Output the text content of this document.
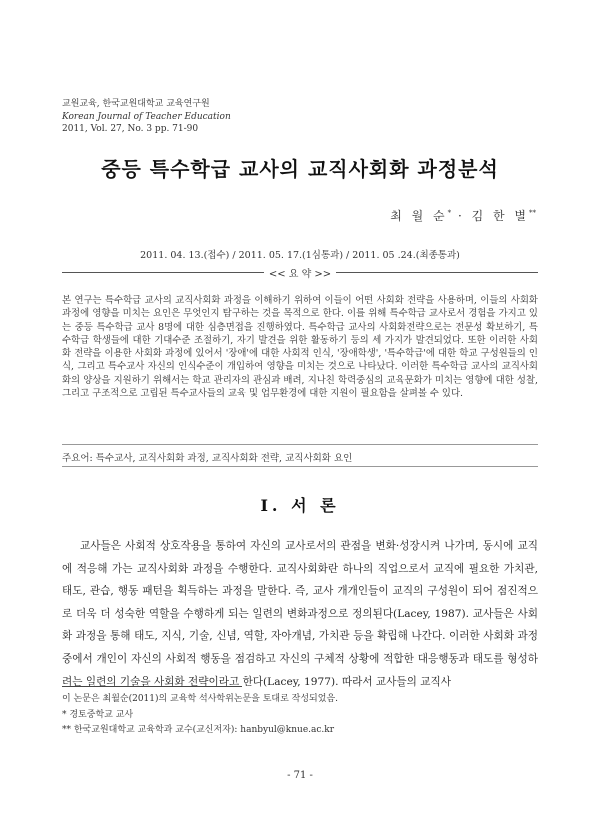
교원교육, 한국교원대학교 교육연구원
Korean Journal of Teacher Education
2011, Vol. 27, No. 3 pp. 71-90
중등 특수학급 교사의 교직사회화 과정분석
최 월 순* · 김 한 별**
2011. 04. 13.(접수) / 2011. 05. 17.(1심통과) / 2011. 05 .24.(최종통과)
<< 요 약 >>

본 연구는 특수학급 교사의 교직사회화 과정을 이해하기 위하여 이들이 어떤 사회화 전략을 사용하며, 이들의 사회화 과정에 영향을 미치는 요인은 무엇인지 탐구하는 것을 목적으로 한다. 이를 위해 특수학급 교사로서 경험을 가지고 있는 중등 특수학급 교사 8명에 대한 심층면접을 진행하였다. 특수학급 교사의 사회화전략으로는 전문성 확보하기, 특수학급 학생들에 대한 기대수준 조절하기, 자기 발견을 위한 활동하기 등의 세 가지가 발견되었다. 또한 이러한 사회화 전략을 이용한 사회화 과정에 있어서 '장애'에 대한 사회적 인식, '장애학생', '특수학급'에 대한 학교 구성원들의 인식, 그리고 특수교사 자신의 인식수준이 개입하여 영향을 미치는 것으로 나타났다. 이러한 특수학급 교사의 교직사회화의 양상을 지원하기 위해서는 학교 관리자의 관심과 배려, 지나친 학력중심의 교육문화가 미치는 영향에 대한 성찰, 그리고 구조적으로 고립된 특수교사들의 교육 및 업무환경에 대한 지원이 필요함을 살펴볼 수 있다.

주요어: 특수교사, 교직사회화 과정, 교직사회화 전략, 교직사회화 요인
Ⅰ. 서 론

교사들은 사회적 상호작용을 통하여 자신의 교사로서의 관점을 변화·성장시켜 나가며, 동시에 교직에 적응해 가는 교직사회화 과정을 수행한다. 교직사회화란 하나의 직업으로서 교직에 필요한 가치관, 태도, 관습, 행동 패턴을 획득하는 과정을 말한다. 즉, 교사 개개인들이 교직의 구성원이 되어 점진적으로 더욱 더 성숙한 역할을 수행하게 되는 일련의 변화과정으로 정의된다(Lacey, 1987). 교사들은 사회화 과정을 통해 태도, 지식, 기술, 신념, 역할, 자아개념, 가치관 등을 확립해 나간다. 이러한 사회화 과정 중에서 개인이 자신의 사회적 행동을 점검하고 자신의 구체적 상황에 적합한 대응행동과 태도를 형성하려는 일련의 기술을 사회화 전략이라고 한다(Lacey, 1977). 따라서 교사들의 교직사

이 논문은 최월순(2011)의 교육학 석사학위논문을 토대로 작성되었음.
* 경토중학교 교사
** 한국교원대학교 교육학과 교수(교신저자): hanbyul@knue.ac.kr
- 71 -
